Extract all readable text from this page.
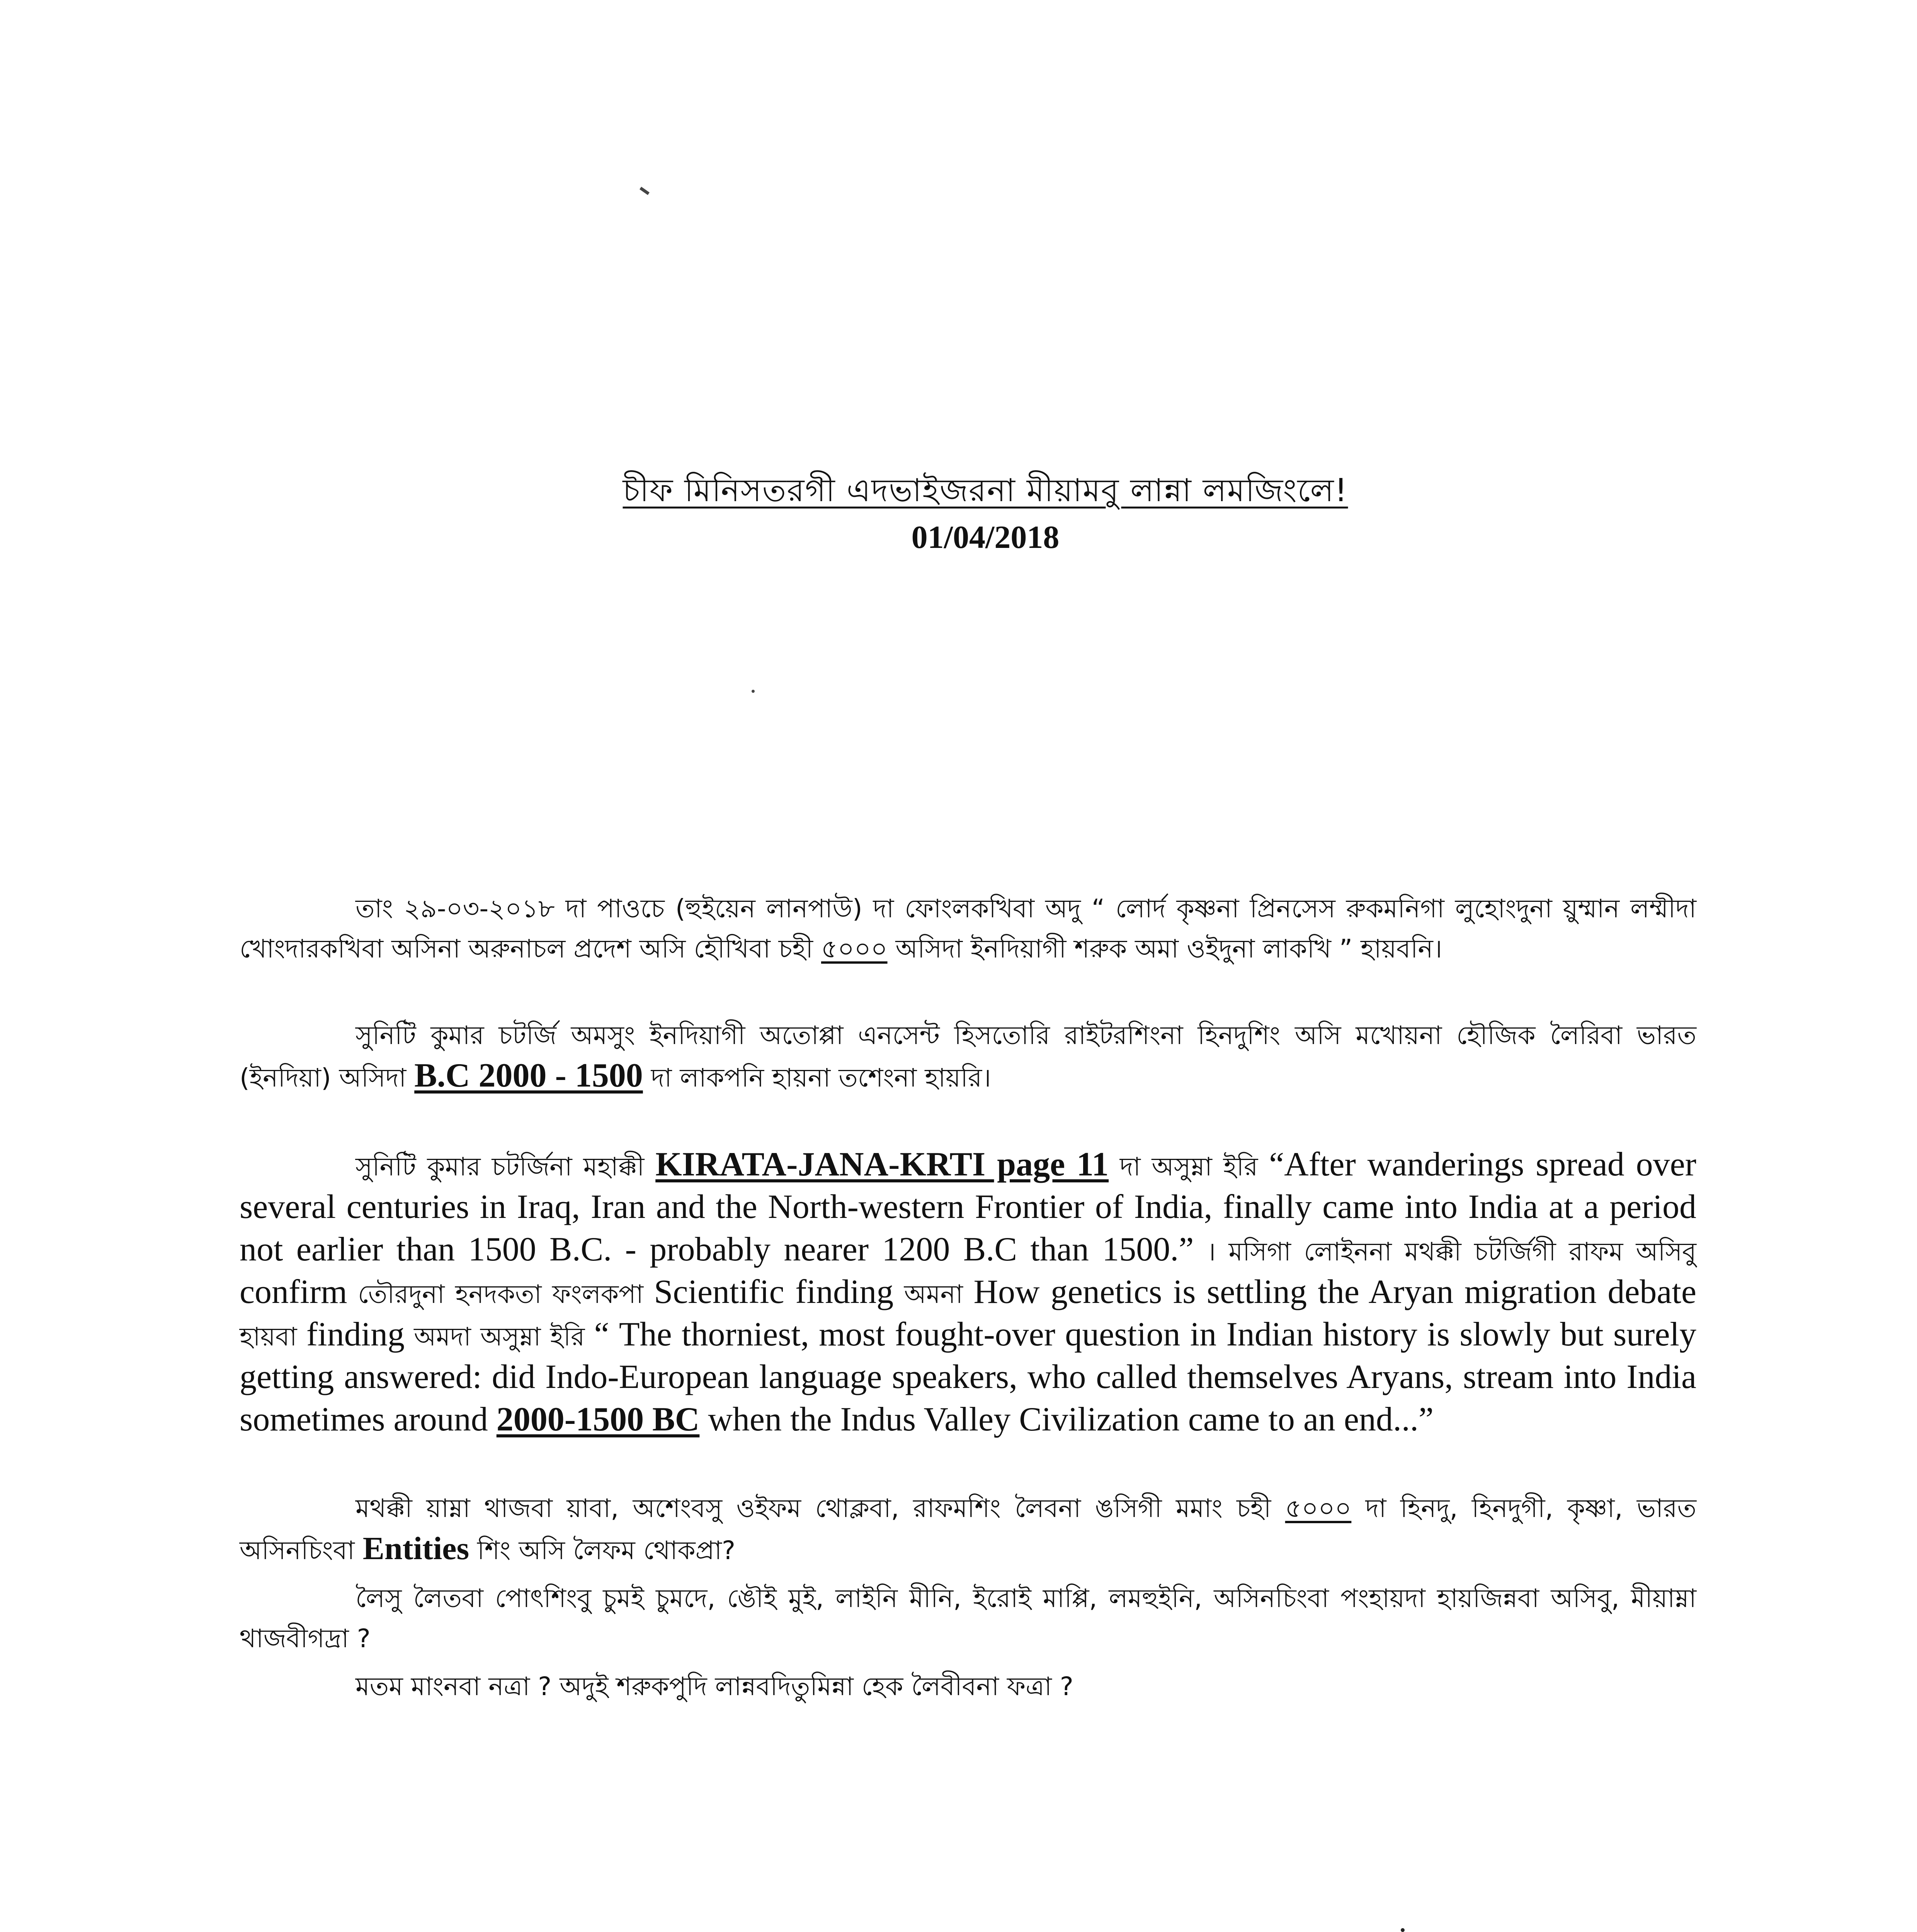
চীফ মিনিসতরগী এদভাইজরনা মীয়ামবু লান্না লমজিংলে!
01/04/2018

তাং ২৯-০৩-২০১৮ দা পাওচে (হুইয়েন লানপাউ) দা ফোংলকখিবা অদু “ লোর্দ কৃষ্ণনা প্রিনসেস রুকমনিগা লুহোংদুনা য়ুম্মান লম্মীদা খোংদারকখিবা অসিনা অরুনাচল প্রদেশ অসি হৌখিবা চহী ৫০০০ অসিদা ইনদিয়াগী শরুক অমা ওইদুনা লাকখি ” হায়বনি।

সুনিটি কুমার চটর্জি অমসুং ইনদিয়াগী অতোপ্পা এনসেন্ট হিসতোরি রাইটরশিংনা হিনদুশিং অসি মখোয়না হৌজিক লৈরিবা ভারত (ইনদিয়া) অসিদা B.C 2000 - 1500 দা লাকপনি হায়না তশেংনা হায়রি।

সুনিটি কুমার চটর্জিনা মহাক্কী KIRATA-JANA-KRTI page 11 দা অসুম্না ইরি “After wanderings spread over several centuries in Iraq, Iran and the North-western Frontier of India, finally came into India at a period not earlier than 1500 B.C. - probably nearer 1200 B.C than 1500.” । মসিগা লোইননা মথক্কী চটর্জিগী রাফম অসিবু confirm তৌরদুনা হনদকতা ফংলকপা Scientific finding অমনা How genetics is settling the Aryan migration debate হায়বা finding অমদা অসুম্না ইরি “ The thorniest, most fought-over question in Indian history is slowly but surely getting answered: did Indo-European language speakers, who called themselves Aryans, stream into India sometimes around 2000-1500 BC when the Indus Valley Civilization came to an end...”

মথক্কী য়াম্না থাজবা য়াবা, অশেংবসু ওইফম থোক্লবা, রাফমশিং লৈবনা ঙসিগী মমাং চহী ৫০০০ দা হিনদু, হিনদুগী, কৃষ্ণা, ভারত অসিনচিংবা Entities শিং অসি লৈফম থোকপ্রা?

লৈসু লৈতবা পোৎশিংবু চুমই চুমদে, ঙৌই মুই, লাইনি মীনি, ইরোই মাপ্পি, লমহুইনি, অসিনচিংবা পংহায়দা হায়জিন্নবা অসিবু, মীয়াম্না থাজবীগদ্রা ?

মতম মাংনবা নত্রা ? অদুই শরুকপুদি লান্নবদিতুমিন্না হেক লৈবীবনা ফত্রা ?
